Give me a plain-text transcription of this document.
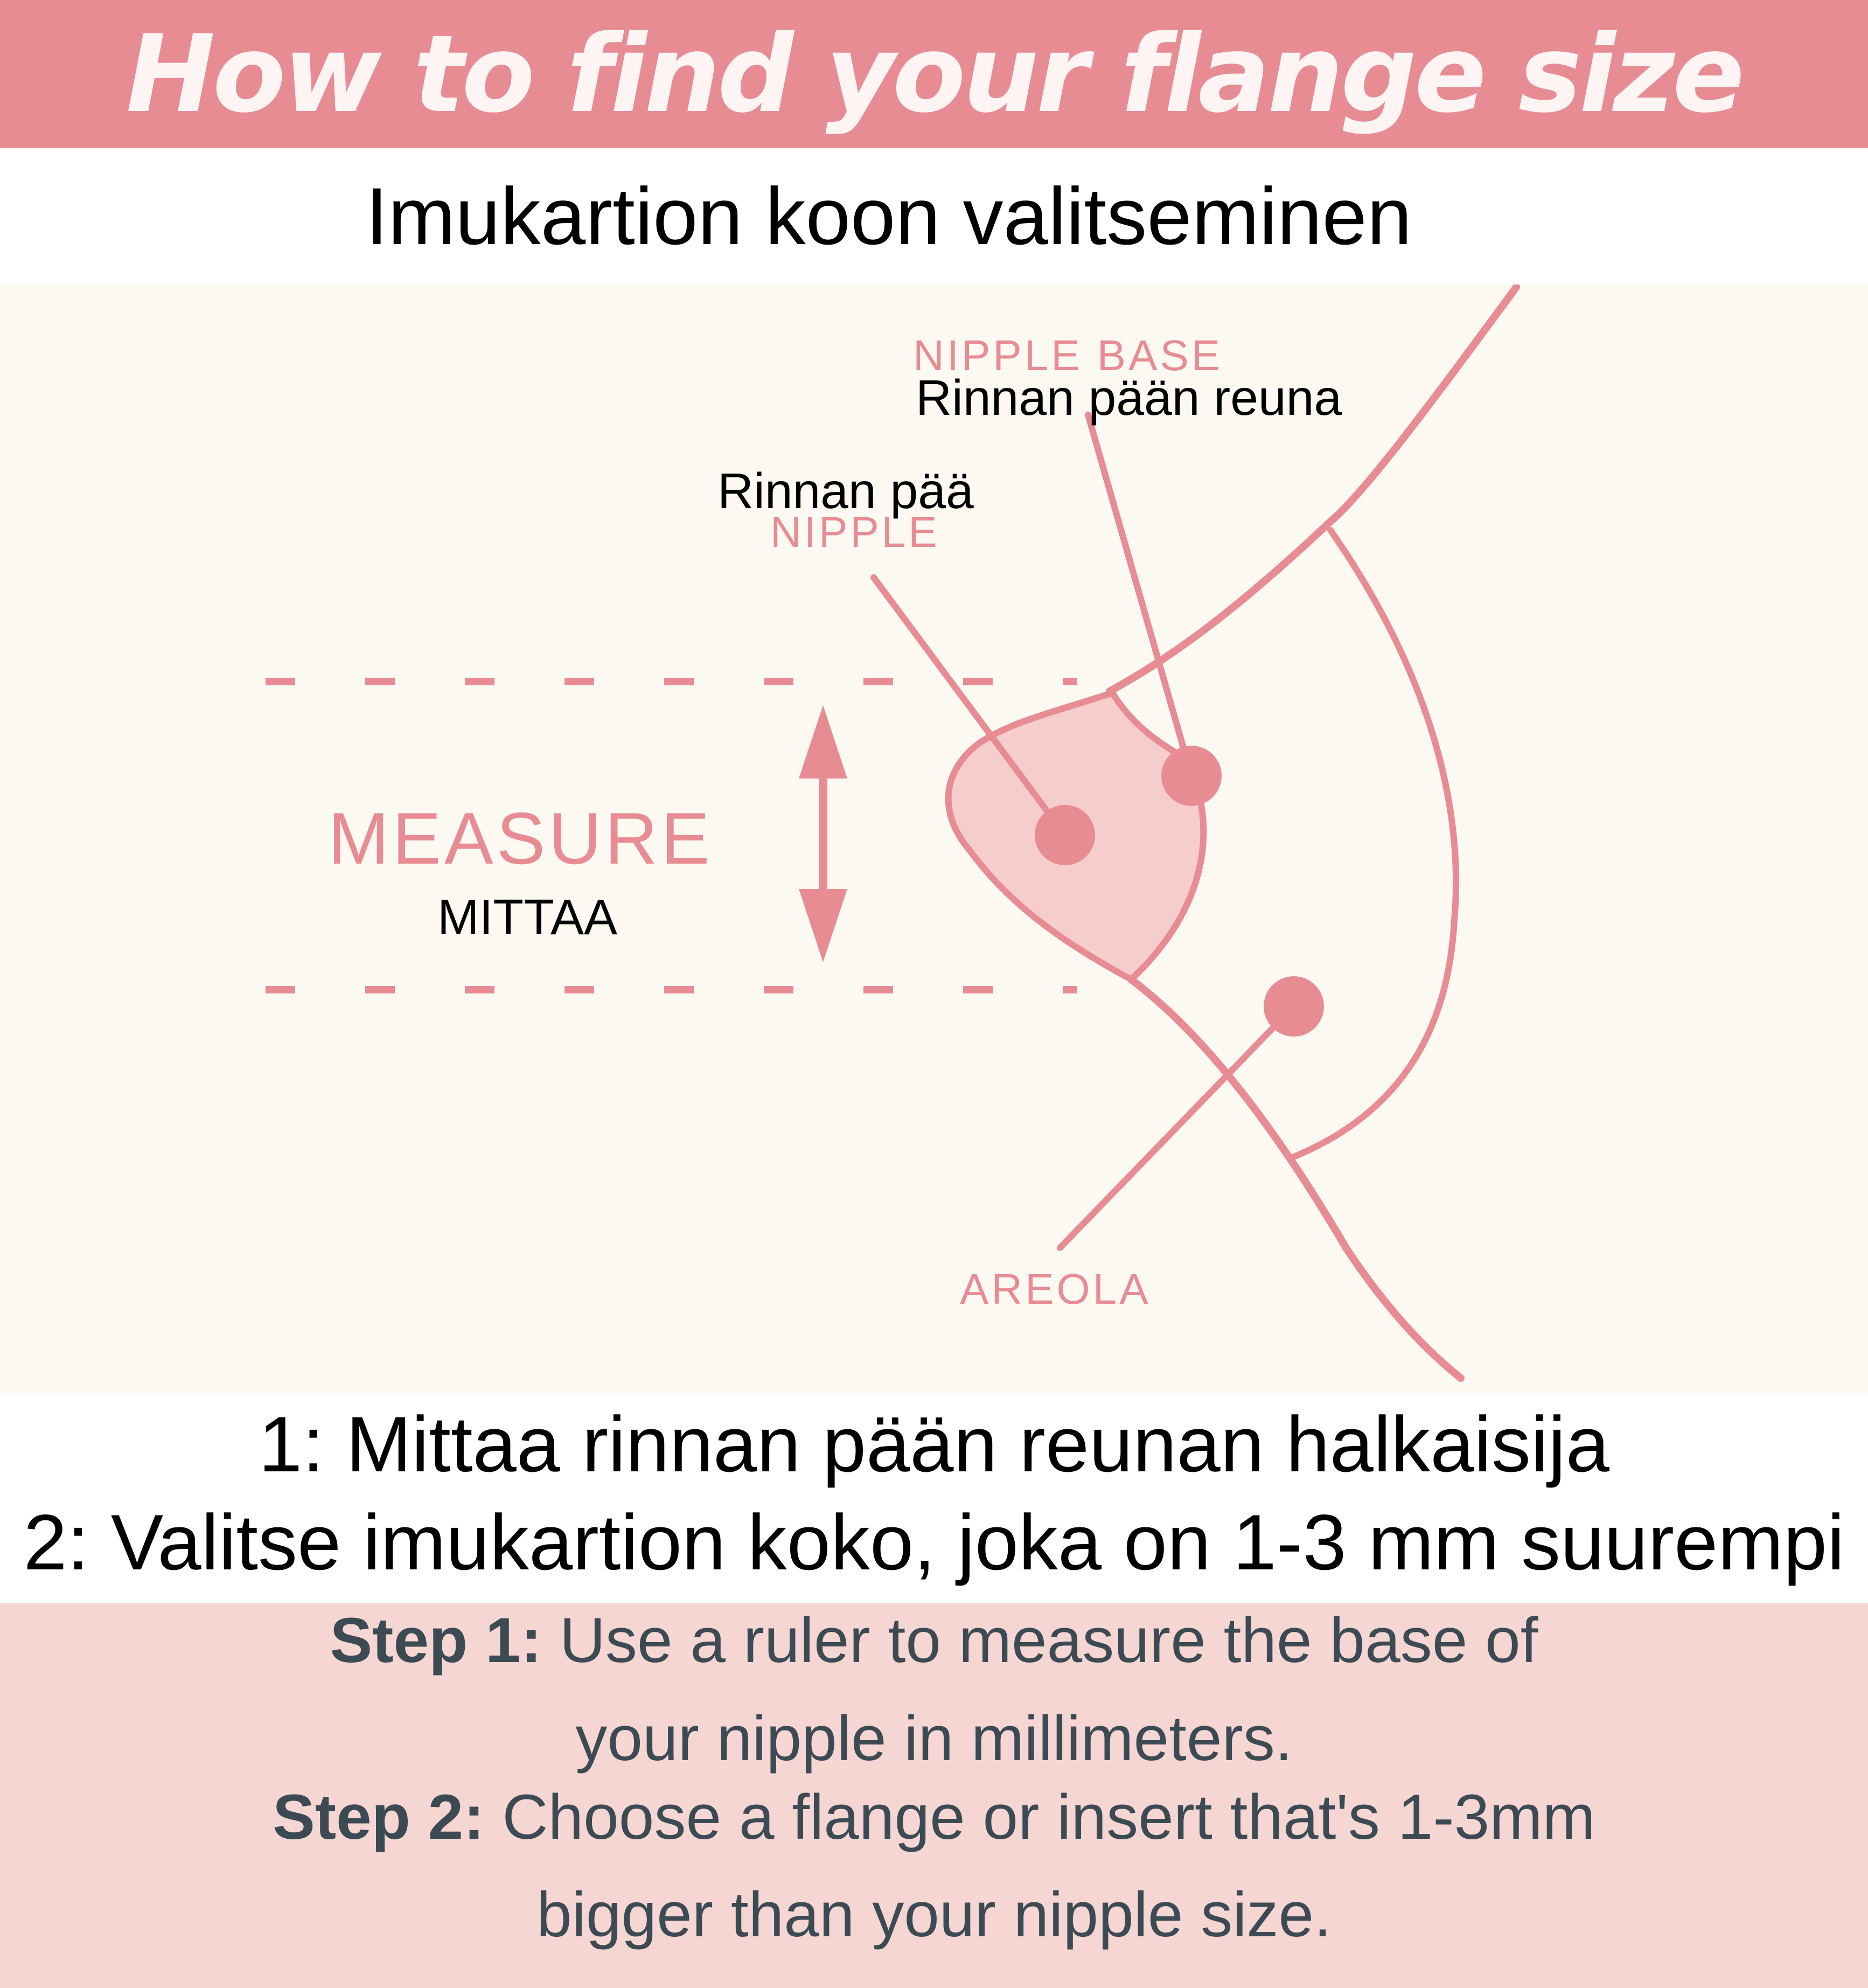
How to find your flange size
Imukartion koon valitseminen
NIPPLE BASE
Rinnan pään reuna
Rinnan pää
NIPPLE
MEASURE
MITTAA
AREOLA
1: Mittaa rinnan pään reunan halkaisija
2: Valitse imukartion koko, joka on 1-3 mm suurempi
Step 1: Use a ruler to measure the base of
your nipple in millimeters.
Step 2: Choose a flange or insert that's 1-3mm
bigger than your nipple size.
